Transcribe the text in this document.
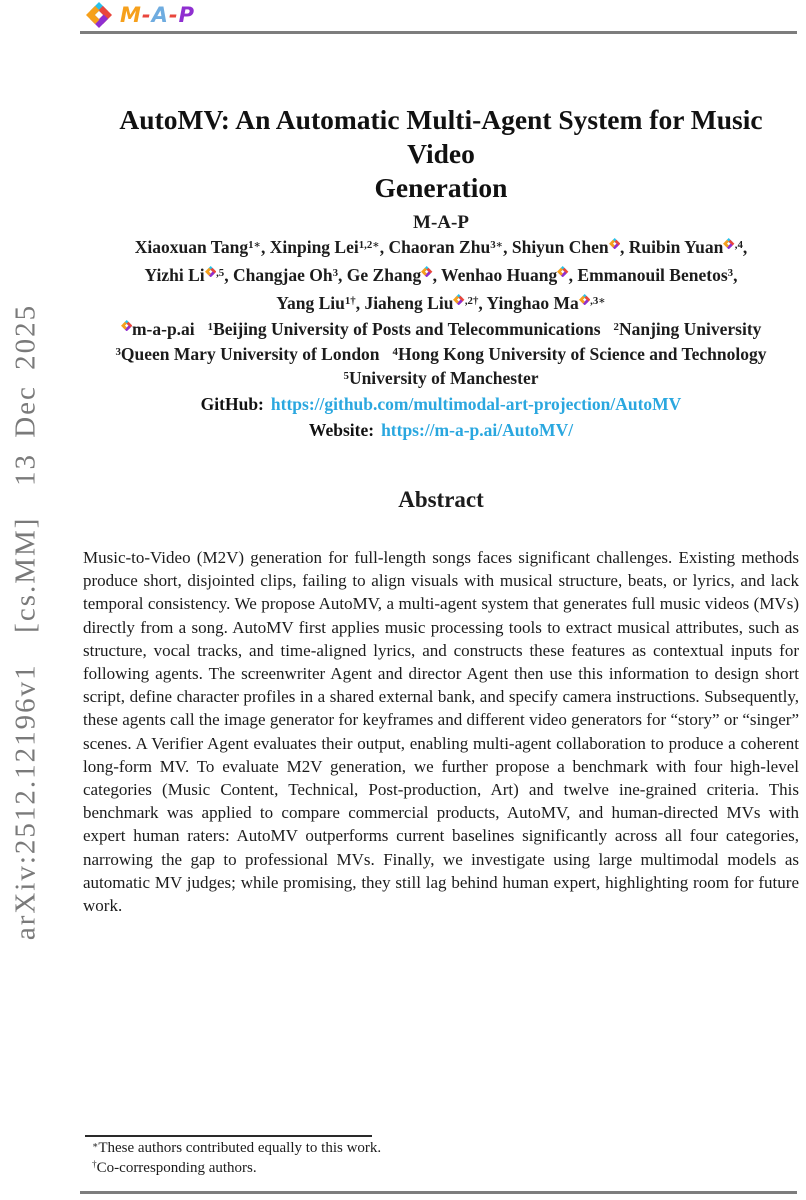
M-A-P
arXiv:2512.12196v1  [cs.MM]  13 Dec 2025
AutoMV: An Automatic Multi-Agent System for Music Video
Generation
M-A-P
Xiaoxuan Tang$^{1∗}$, Xinping Lei$^{1,2∗}$, Chaoran Zhu$^{3∗}$, Shiyun Chen , Ruibin Yuan $^{,4}$,
Yizhi Li $^{,5}$, Changjae Oh$^3$, Ge Zhang , Wenhao Huang , Emmanouil Benetos$^3$,
Yang Liu$^{1\dagger}$, Jiaheng Liu $^{,2\dagger}$, Yinghao Ma $^{,3∗}$
m-a-p.ai $^1$Beijing University of Posts and Telecommunications $^2$Nanjing University
$^3$Queen Mary University of London $^4$Hong Kong University of Science and Technology
$^5$University of Manchester
GitHub: https://github.com/multimodal-art-projection/AutoMV
Website: https://m-a-p.ai/AutoMV/
Abstract

Music-to-Video (M2V) generation for full-length songs faces significant challenges. Existing methods produce short, disjointed clips, failing to align visuals with musical structure, beats, or lyrics, and lack temporal consistency. We propose AutoMV, a multi-agent system that generates full music videos (MVs) directly from a song. AutoMV first applies music processing tools to extract musical attributes, such as structure, vocal tracks, and time-aligned lyrics, and constructs these features as contextual inputs for following agents. The screenwriter Agent and director Agent then use this information to design short script, define character profiles in a shared external bank, and specify camera instructions. Subsequently, these agents call the image generator for keyframes and different video generators for “story” or “singer” scenes. A Verifier Agent evaluates their output, enabling multi-agent collaboration to produce a coherent long-form MV. To evaluate M2V generation, we further propose a benchmark with four high-level categories (Music Content, Technical, Post-production, Art) and twelve ine-grained criteria. This benchmark was applied to compare commercial products, AutoMV, and human-directed MVs with expert human raters: AutoMV outperforms current baselines significantly across all four categories, narrowing the gap to professional MVs. Finally, we investigate using large multimodal models as automatic MV judges; while promising, they still lag behind human expert, highlighting room for future work.

∗These authors contributed equally to this work.
†Co-corresponding authors.
